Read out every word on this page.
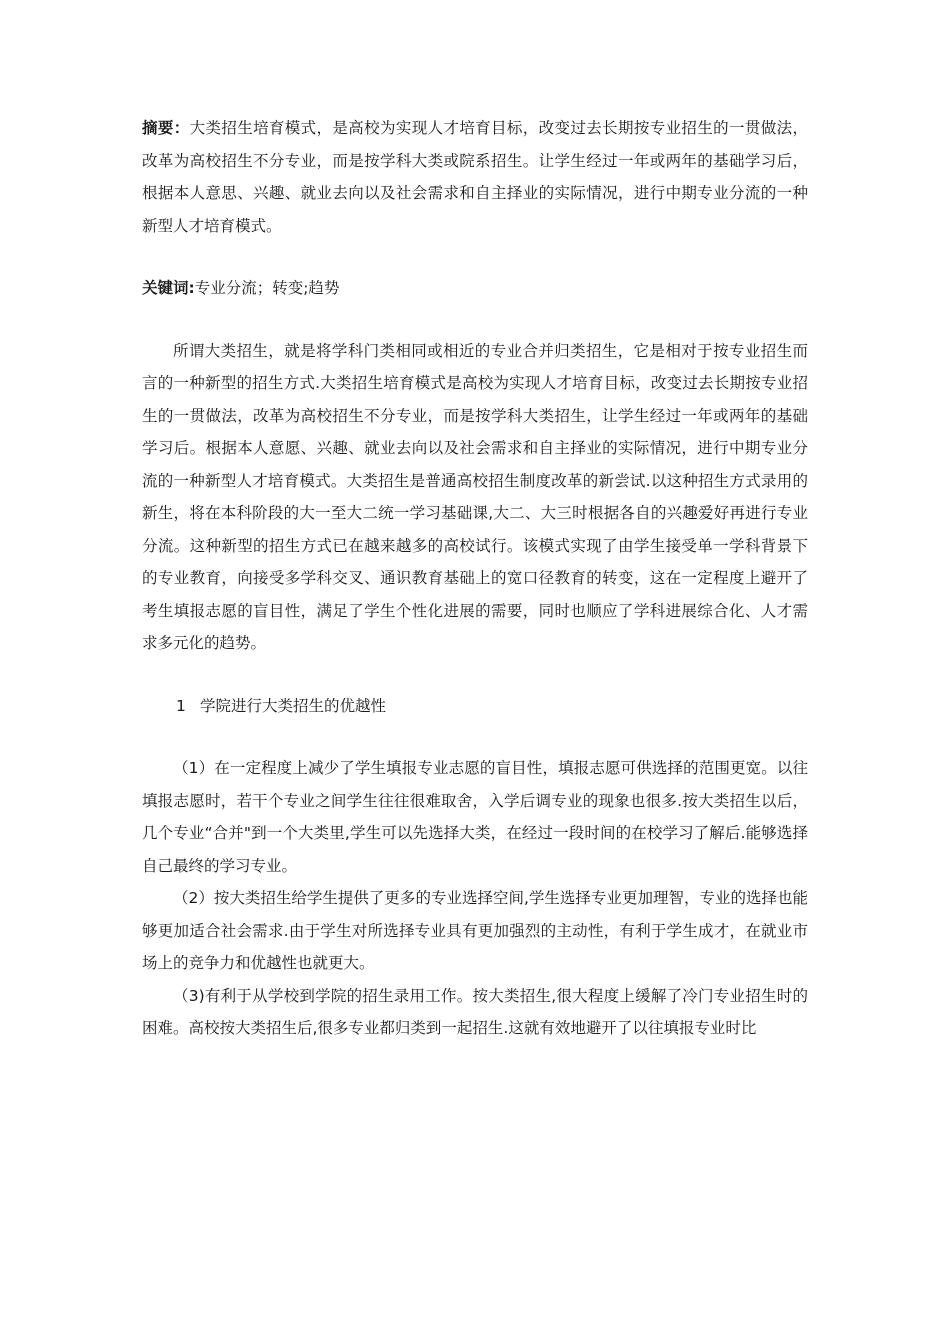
摘要：大类招生培育模式，是高校为实现人才培育目标，改变过去长期按专业招生的一贯做法，改革为高校招生不分专业，而是按学科大类或院系招生。让学生经过一年或两年的基础学习后，根据本人意思、兴趣、就业去向以及社会需求和自主择业的实际情况，进行中期专业分流的一种新型人才培育模式。

关键词:专业分流；转变;趋势

所谓大类招生，就是将学科门类相同或相近的专业合并归类招生，它是相对于按专业招生而言的一种新型的招生方式.大类招生培育模式是高校为实现人才培育目标，改变过去长期按专业招生的一贯做法，改革为高校招生不分专业，而是按学科大类招生，让学生经过一年或两年的基础学习后。根据本人意愿、兴趣、就业去向以及社会需求和自主择业的实际情况，进行中期专业分流的一种新型人才培育模式。大类招生是普通高校招生制度改革的新尝试.以这种招生方式录用的新生，将在本科阶段的大一至大二统一学习基础课,大二、大三时根据各自的兴趣爱好再进行专业分流。这种新型的招生方式已在越来越多的高校试行。该模式实现了由学生接受单一学科背景下的专业教育，向接受多学科交叉、通识教育基础上的宽口径教育的转变，这在一定程度上避开了考生填报志愿的盲目性，满足了学生个性化进展的需要，同时也顺应了学科进展综合化、人才需求多元化的趋势。

1 学院进行大类招生的优越性

（1）在一定程度上减少了学生填报专业志愿的盲目性，填报志愿可供选择的范围更宽。以往填报志愿时，若干个专业之间学生往往很难取舍，入学后调专业的现象也很多.按大类招生以后，几个专业“合并"到一个大类里,学生可以先选择大类，在经过一段时间的在校学习了解后.能够选择自己最终的学习专业。

（2）按大类招生给学生提供了更多的专业选择空间,学生选择专业更加理智，专业的选择也能够更加适合社会需求.由于学生对所选择专业具有更加强烈的主动性，有利于学生成才，在就业市场上的竞争力和优越性也就更大。

（3)有利于从学校到学院的招生录用工作。按大类招生,很大程度上缓解了冷门专业招生时的困难。高校按大类招生后,很多专业都归类到一起招生.这就有效地避开了以往填报专业时比
